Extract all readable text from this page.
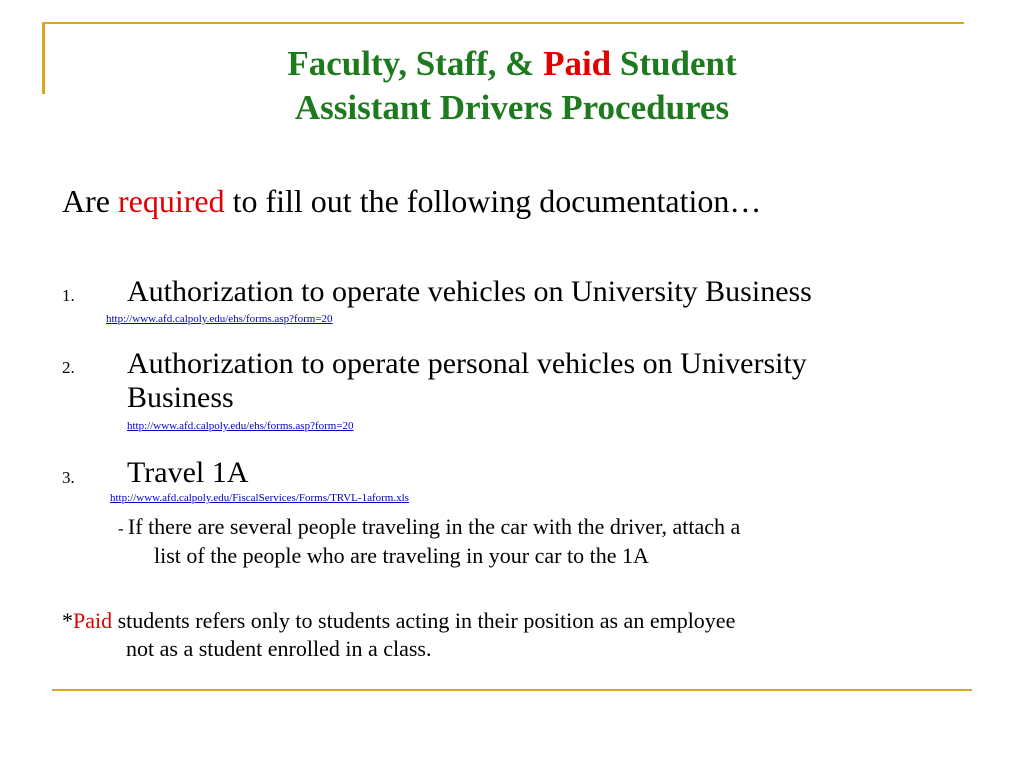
Faculty, Staff, & Paid Student
Assistant Drivers Procedures

Are required to fill out the following documentation…

1. Authorization to operate vehicles on University Business
http://www.afd.calpoly.edu/ehs/forms.asp?form=20
2. Authorization to operate personal vehicles on University
Business
http://www.afd.calpoly.edu/ehs/forms.asp?form=20
3. Travel 1A
http://www.afd.calpoly.edu/FiscalServices/Forms/TRVL-1aform.xls
- If there are several people traveling in the car with the driver, attach a
list of the people who are traveling in your car to the 1A
*Paid students refers only to students acting in their position as an employee
not as a student enrolled in a class.
